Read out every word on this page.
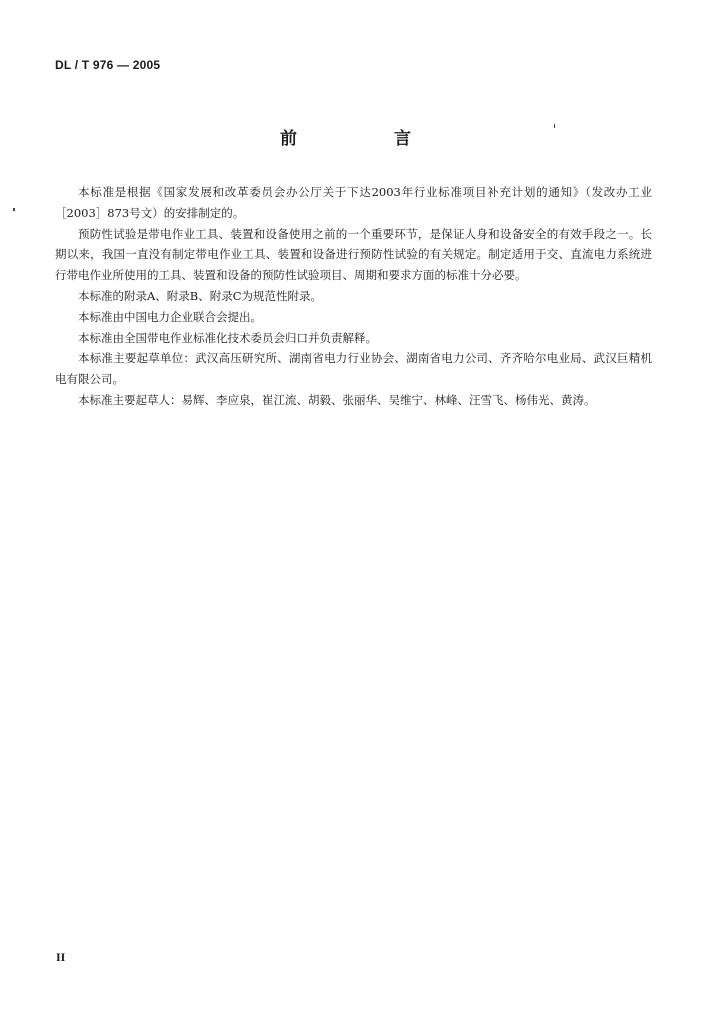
DL / T 976 — 2005
前　言

本标准是根据《国家发展和改革委员会办公厅关于下达2003年行业标准项目补充计划的通知》（发改办工业［2003］873号文）的安排制定的。

预防性试验是带电作业工具、装置和设备使用之前的一个重要环节，是保证人身和设备安全的有效手段之一。长期以来，我国一直没有制定带电作业工具、装置和设备进行预防性试验的有关规定。制定适用于交、直流电力系统进行带电作业所使用的工具、装置和设备的预防性试验项目、周期和要求方面的标准十分必要。

本标准的附录A、附录B、附录C为规范性附录。

本标准由中国电力企业联合会提出。

本标准由全国带电作业标准化技术委员会归口并负责解释。

本标准主要起草单位：武汉高压研究所、湖南省电力行业协会、湖南省电力公司、齐齐哈尔电业局、武汉巨精机电有限公司。

本标准主要起草人：易辉、李应泉，崔江流、胡毅、张丽华、吴维宁、林峰、汪雪飞、杨伟光、黄涛。

II
